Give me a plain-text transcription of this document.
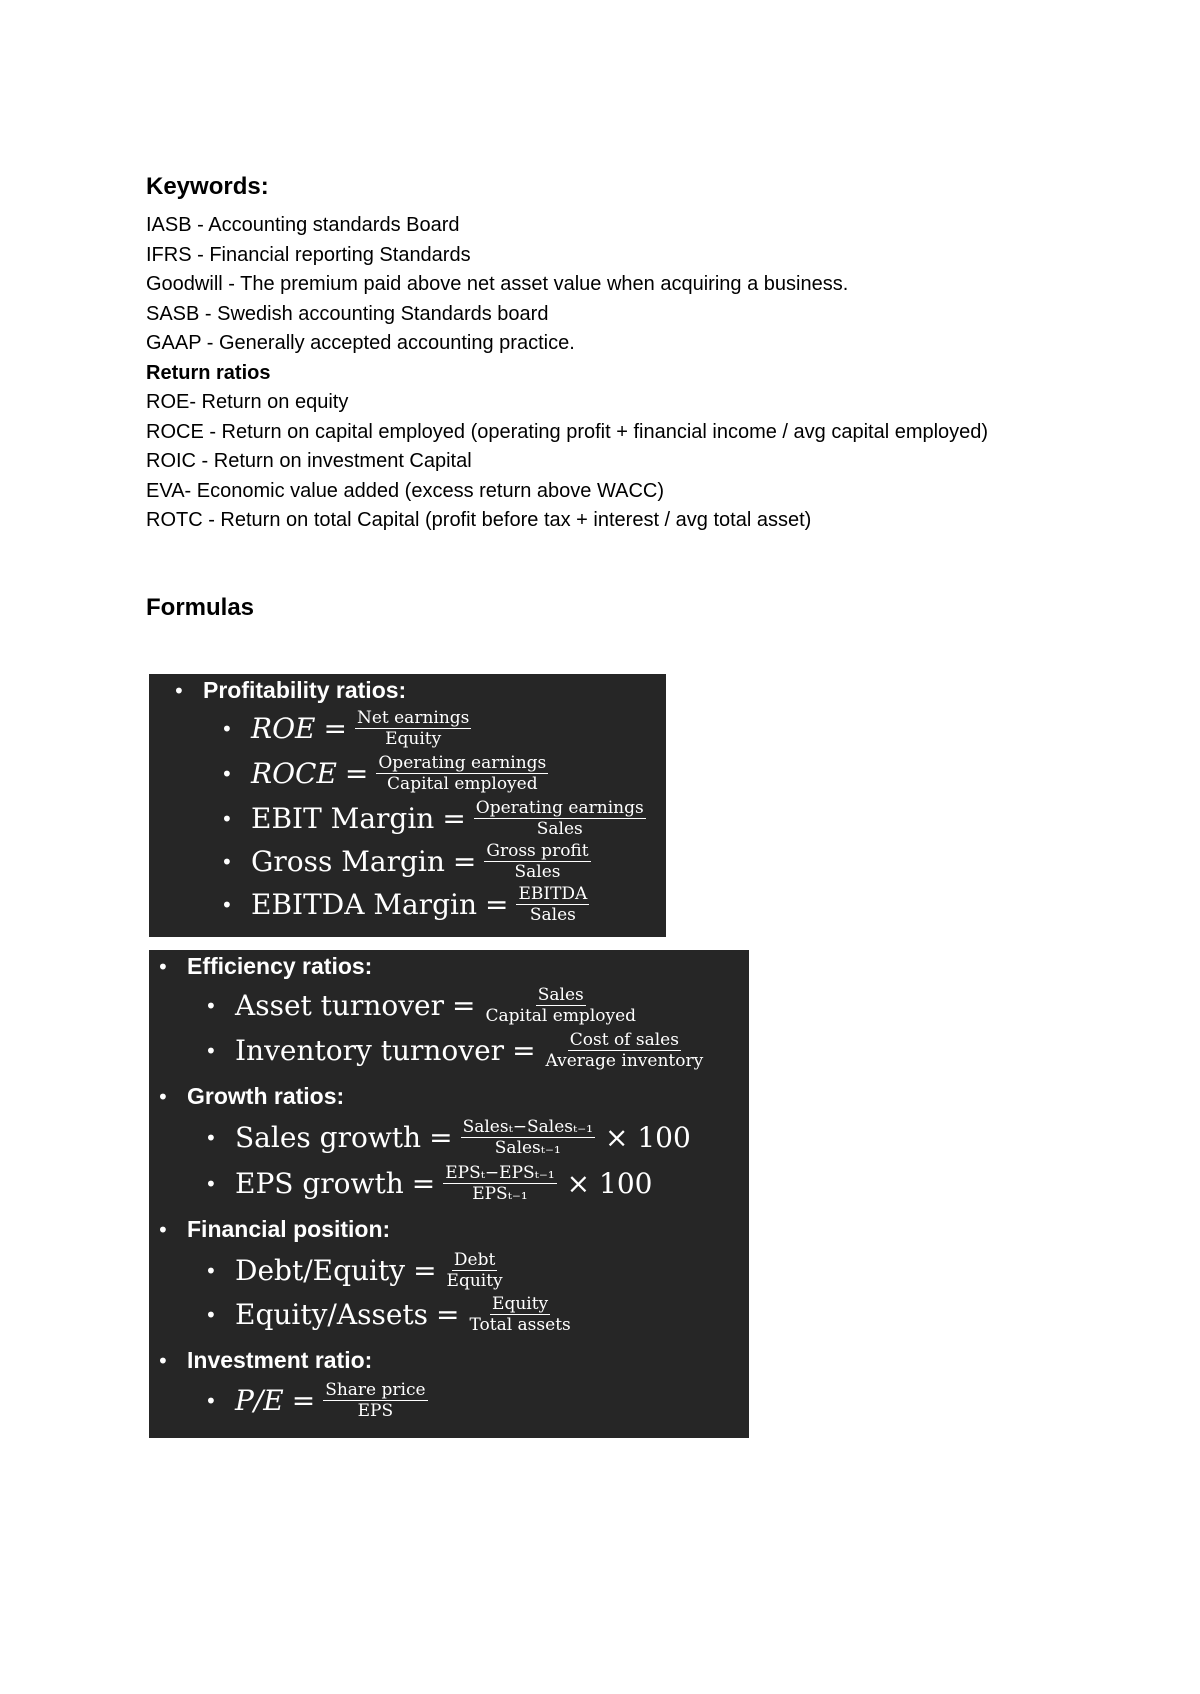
Keywords:
IASB - Accounting standards Board
IFRS - Financial reporting Standards
Goodwill - The premium paid above net asset value when acquiring a business.
SASB - Swedish accounting Standards board
GAAP - Generally accepted accounting practice.
Return ratios
ROE- Return on equity
ROCE - Return on capital employed (operating profit + financial income / avg capital employed)
ROIC - Return on investment Capital
EVA- Economic value added (excess return above WACC)
ROTC - Return on total Capital (profit before tax + interest / avg total asset)
Formulas
• Profitability ratios:
• ROE = $\frac{\text{Net earnings}}{\text{Equity}}$
• ROCE = $\frac{\text{Operating earnings}}{\text{Capital employed}}$
• EBIT Margin = $\frac{\text{Operating earnings}}{\text{Sales}}$
• Gross Margin = $\frac{\text{Gross profit}}{\text{Sales}}$
• EBITDA Margin = $\frac{\text{EBITDA}}{\text{Sales}}$
• Efficiency ratios:
• Asset turnover = $\frac{\text{Sales}}{\text{Capital employed}}$
• Inventory turnover = $\frac{\text{Cost of sales}}{\text{Average inventory}}$
• Growth ratios:
• Sales growth = $\frac{\text{Salesₜ−Salesₜ₋₁}}{\text{Salesₜ₋₁}} \times 100$
• EPS growth = $\frac{\text{EPSₜ−EPSₜ₋₁}}{\text{EPSₜ₋₁}} \times 100$
• Financial position:
• Debt/Equity = $\frac{\text{Debt}}{\text{Equity}}$
• Equity/Assets = $\frac{\text{Equity}}{\text{Total assets}}$
• Investment ratio:
• $P/E = \frac{\text{Share price}}{\text{EPS}}$
